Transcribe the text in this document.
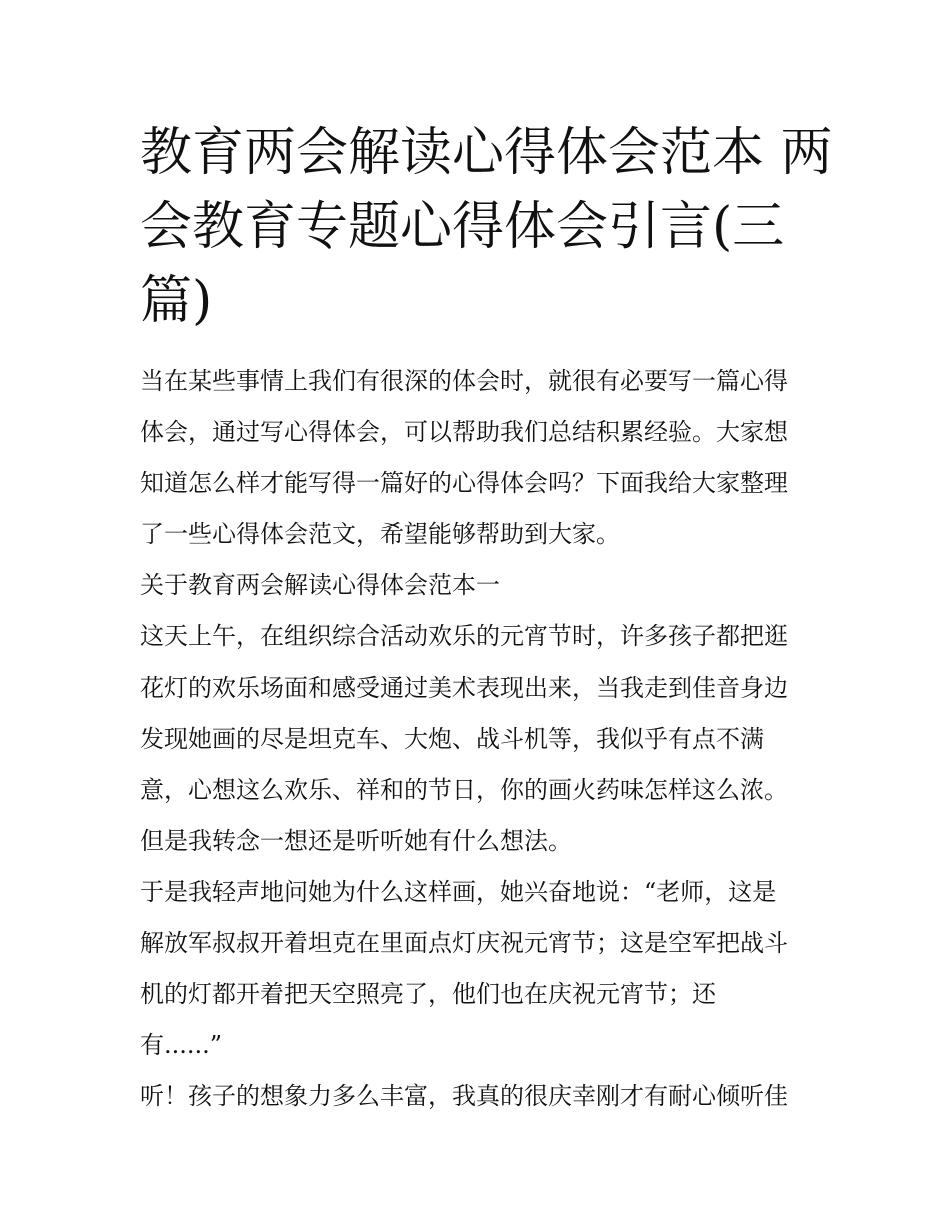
教育两会解读心得体会范本 两
会教育专题心得体会引言(三
篇)
当在某些事情上我们有很深的体会时，就很有必要写一篇心得
体会，通过写心得体会，可以帮助我们总结积累经验。大家想
知道怎么样才能写得一篇好的心得体会吗？下面我给大家整理
了一些心得体会范文，希望能够帮助到大家。
关于教育两会解读心得体会范本一
这天上午，在组织综合活动欢乐的元宵节时，许多孩子都把逛
花灯的欢乐场面和感受通过美术表现出来，当我走到佳音身边
发现她画的尽是坦克车、大炮、战斗机等，我似乎有点不满
意，心想这么欢乐、祥和的节日，你的画火药味怎样这么浓。
但是我转念一想还是听听她有什么想法。
于是我轻声地问她为什么这样画，她兴奋地说：“老师，这是
解放军叔叔开着坦克在里面点灯庆祝元宵节；这是空军把战斗
机的灯都开着把天空照亮了，他们也在庆祝元宵节；还
有......”
听！孩子的想象力多么丰富，我真的很庆幸刚才有耐心倾听佳
